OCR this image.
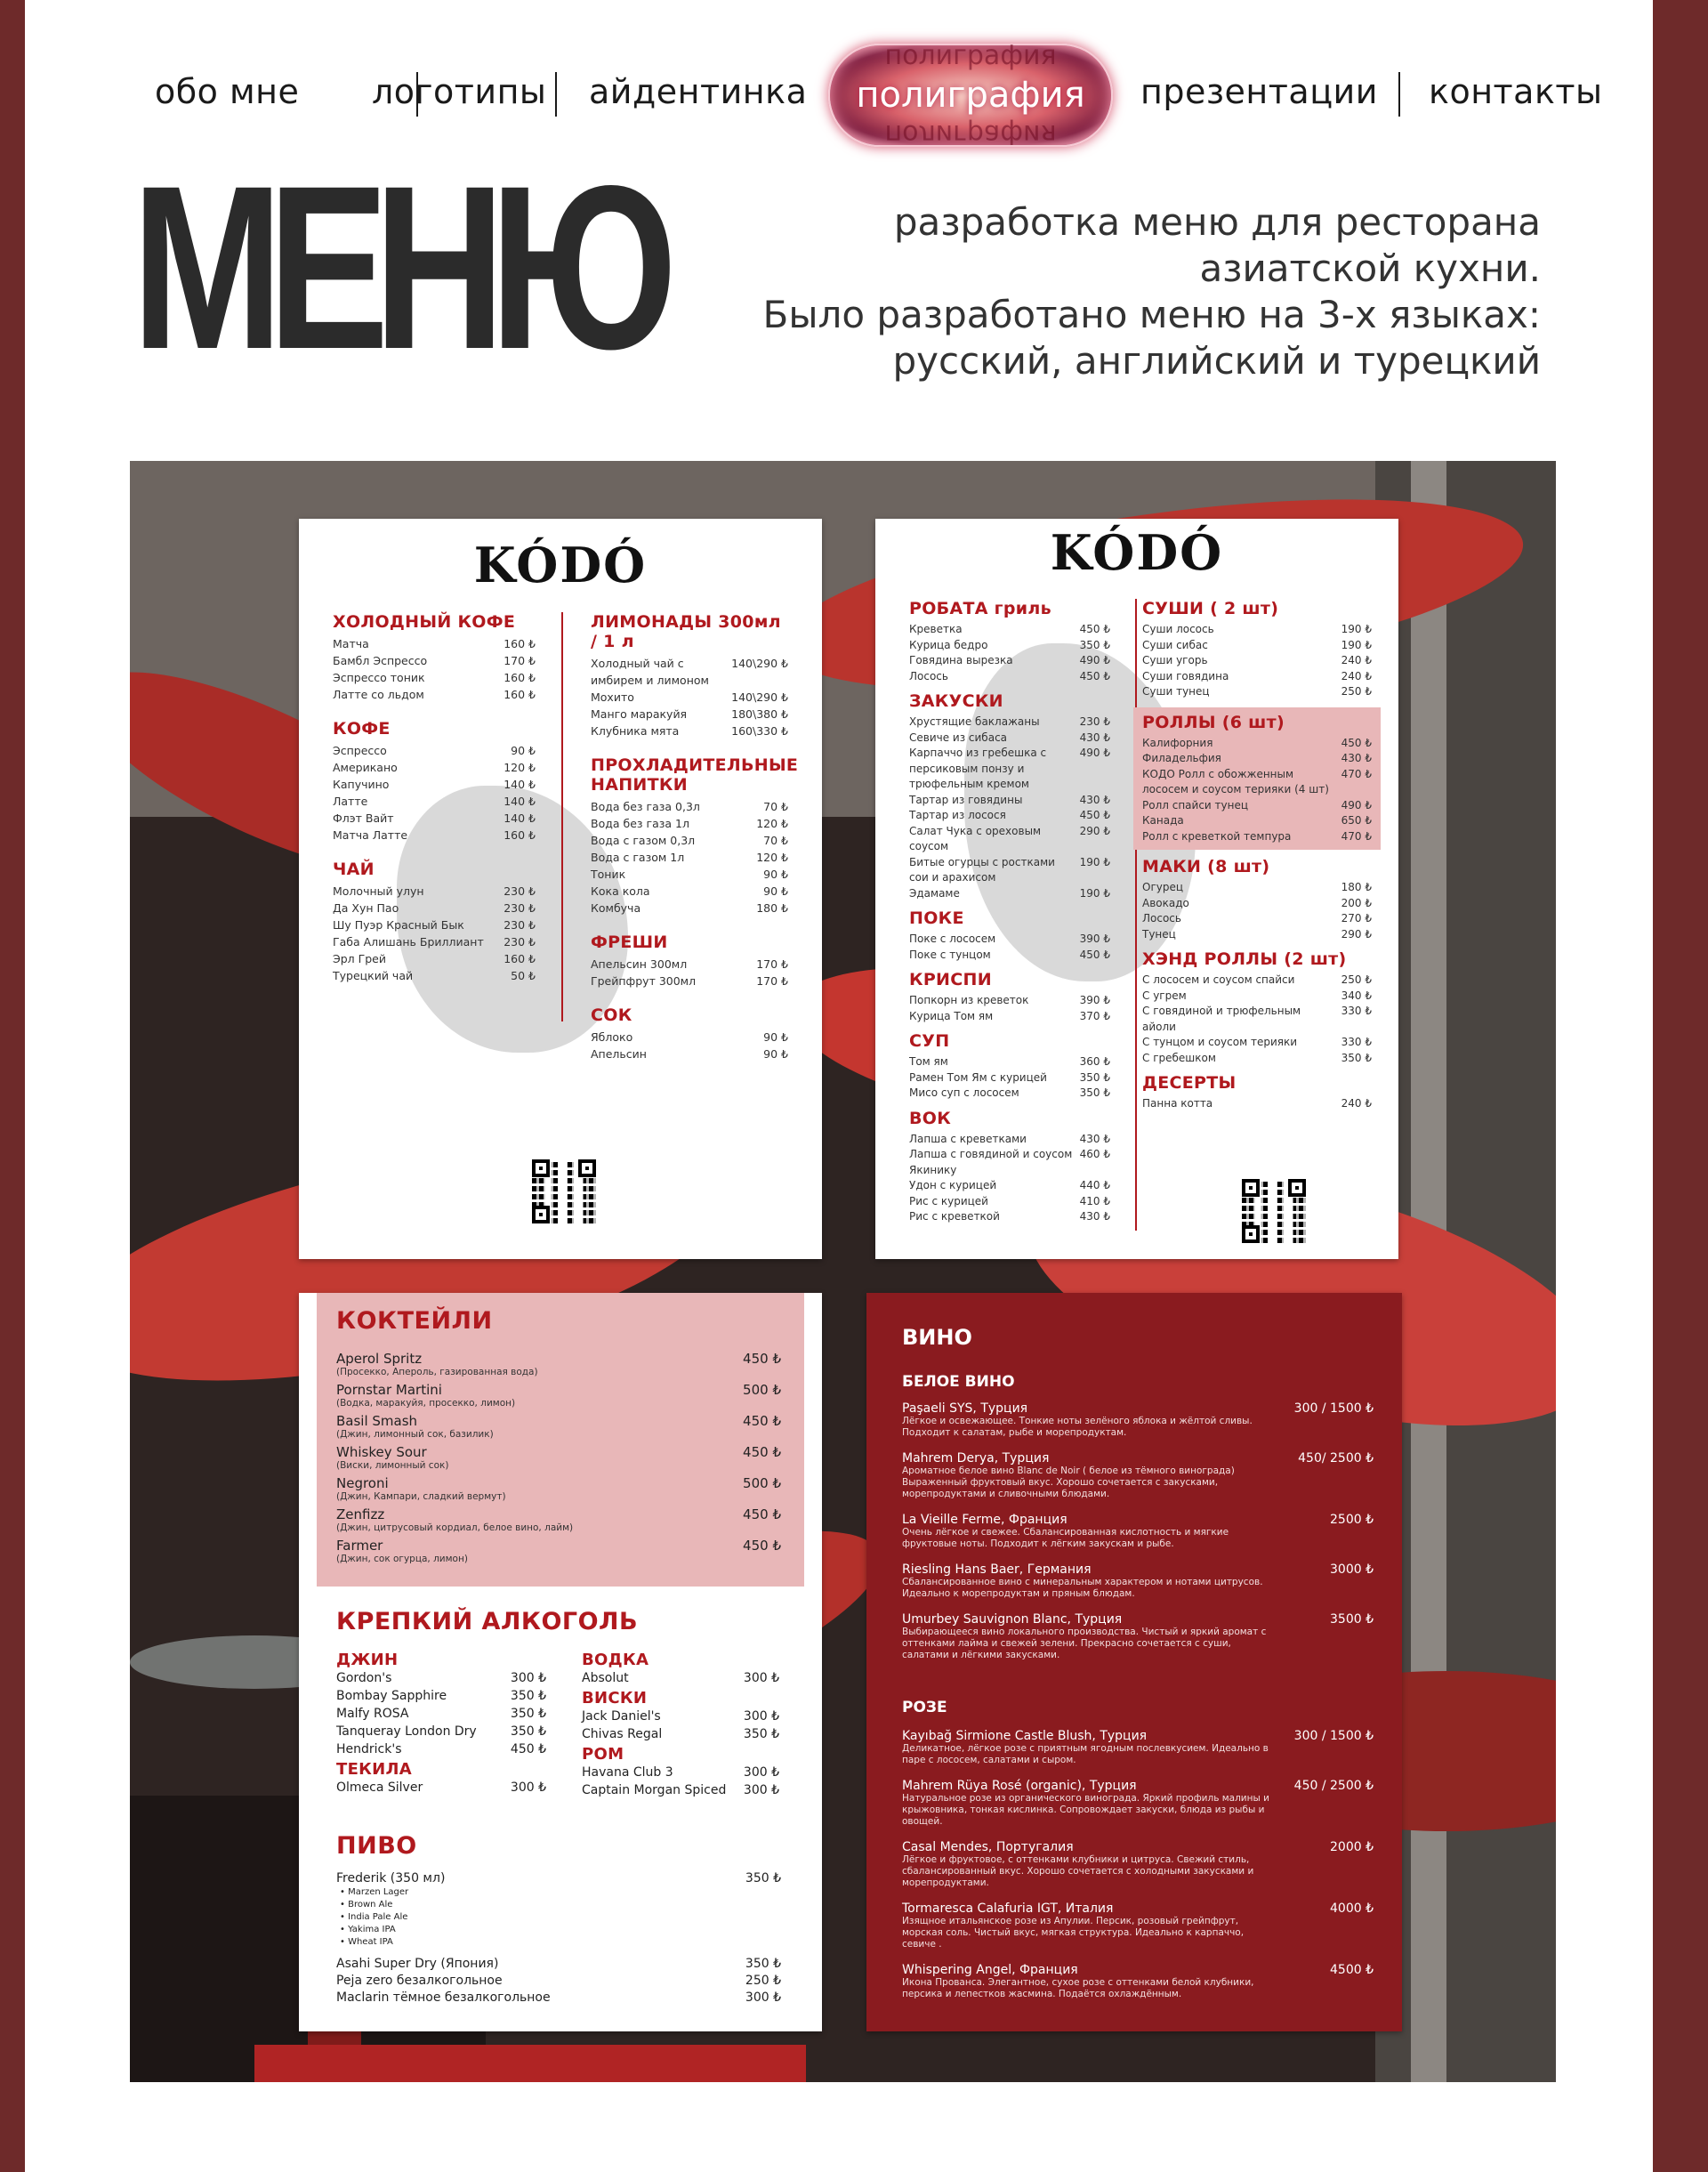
обо мне логотипы айдентинка
полиграфия
полиграфия
полиграфия
презентации контакты
МЕНЮ	разработка меню для ресторана
азиатской кухни.
Было разработано меню на 3-х языках:
русский, английский и турецкий
KÓDÓ
ХОЛОДНЫЙ КОФЕ
Матча	160 ₺
Бамбл Эспрессо	170 ₺
Эспрессо тоник	160 ₺
Латте со льдом	160 ₺
КОФЕ
Эспрессо	90 ₺
Американо	120 ₺
Капучино	140 ₺
Латте	140 ₺
Флэт Вайт	140 ₺
Матча Латте	160 ₺
ЧАЙ
Молочный улун	230 ₺
Да Хун Пао	230 ₺
Шу Пуэр Красный Бык	230 ₺
Габа Алишань Бриллиант 230 ₺
Эрл Грей	160 ₺
Турецкий чай	50 ₺
ЛИМОНАДЫ 300мл / 1 л
Холодный чай с имбирем и лимоном
140\290 ₺
Мохито	140\290 ₺
Манго маракуйя	180\380 ₺
Клубника мята	160\330 ₺
ПРОХЛАДИТЕЛЬНЫЕ НАПИТКИ
Вода без газа 0,3л	70 ₺
Вода без газа 1л	120 ₺
Вода с газом 0,3л	70 ₺
Вода с газом 1л	120 ₺
Тоник	90 ₺
Кока кола	90 ₺
Комбуча	180 ₺
ФРЕШИ
Апельсин 300мл	170 ₺
Грейпфрут 300мл	170 ₺
СОК
Яблоко	90 ₺
Апельсин	90 ₺
KÓDÓ
РОБАТА гриль
Креветка	450 ₺
Курица бедро	350 ₺
Говядина вырезка	490 ₺
Лосось	450 ₺
ЗАКУСКИ
Хрустящие баклажаны	230 ₺
Севиче из сибаса	430 ₺
Карпаччо из гребешка с персиковым понзу и трюфельным кремом
490 ₺
Тартар из говядины	430 ₺
Тартар из лосося	450 ₺
Салат Чука с ореховым соусом
290 ₺
Битые огурцы с ростками сои и арахисом
190 ₺
Эдамаме	190 ₺
ПОКЕ
Поке с лососем	390 ₺
Поке с тунцом	450 ₺
КРИСПИ
Попкорн из креветок	390 ₺
Курица Том ям	370 ₺
СУП
Том ям	360 ₺
Рамен Том Ям с курицей	350 ₺
Мисо суп с лососем	350 ₺
ВОК
Лапша с креветками	430 ₺
Лапша с говядиной и соусом Якинику
460 ₺
Удон с курицей	440 ₺
Рис с курицей	410 ₺
Рис с креветкой	430 ₺
СУШИ ( 2 шт)
Суши лосось	190 ₺
Суши сибас	190 ₺
Суши угорь	240 ₺
Суши говядина	240 ₺
Суши тунец	250 ₺
РОЛЛЫ (6 шт)
Калифорния	450 ₺
Филадельфия	430 ₺
КОДО Ролл с обожженным лососем и соусом терияки (4 шт)
470 ₺
Ролл спайси тунец	490 ₺
Канада	650 ₺
Ролл с креветкой темпура	470 ₺
МАКИ (8 шт)
Огурец	180 ₺
Авокадо	200 ₺
Лосось	270 ₺
Тунец	290 ₺
ХЭНД РОЛЛЫ (2 шт)
С лососем и соусом спайси	250 ₺
С угрем	340 ₺
С говядиной и трюфельным айоли
330 ₺
С тунцом и соусом терияки	330 ₺
С гребешком	350 ₺
ДЕСЕРТЫ
Панна котта	240 ₺
КОКТЕЙЛИ
Aperol Spritz	450 ₺
(Просекко, Апероль, газированная вода)
Pornstar Martini	500 ₺
(Водка, маракуйя, просекко, лимон)
Basil Smash	450 ₺
(Джин, лимонный сок, базилик)
Whiskey Sour	450 ₺
(Виски, лимонный сок)
Negroni	500 ₺
(Джин, Кампари, сладкий вермут)
Zenfizz	450 ₺
(Джин, цитрусовый кордиал, белое вино, лайм)
Farmer	450 ₺
(Джин, сок огурца, лимон)
КРЕПКИЙ АЛКОГОЛЬ
ДЖИН
Gordon's	300 ₺
Bombay Sapphire	350 ₺
Malfy ROSA	350 ₺
Tanqueray London Dry	350 ₺
Hendrick's	450 ₺
ТЕКИЛА
Olmeca Silver	300 ₺
ВОДКА
Absolut	300 ₺
ВИСКИ
Jack Daniel's	300 ₺
Chivas Regal	350 ₺
РОМ
Havana Club 3	300 ₺
Captain Morgan Spiced 300 ₺
ПИВО
Frederik (350 мл)	350 ₺
• Marzen Lager
• Brown Ale
• India Pale Ale
• Yakima IPA
• Wheat IPA
Asahi Super Dry (Япония)	350 ₺
Peja zero безалкогольное	250 ₺
Maclarin тёмное безалкогольное	300 ₺
ВИНО
БЕЛОЕ ВИНО
Paşaeli SYS, Турция
Лёгкое и освежающее. Тонкие ноты зелёного яблока и жёлтой сливы. Подходит к салатам, рыбе и морепродуктам.
300 / 1500 ₺
Mahrem Derya, Турция
Ароматное белое вино Blanc de Noir ( белое из тёмного винограда) Выраженный фруктовый вкус. Хорошо сочетается с закусками, морепродуктами и сливочными блюдами.
450/ 2500 ₺
La Vieille Ferme, Франция
Очень лёгкое и свежее. Сбалансированная кислотность и мягкие фруктовые ноты. Подходит к лёгким закускам и рыбе.
2500 ₺
Riesling Hans Baer, Германия
Сбалансированное вино с минеральным характером и нотами цитрусов. Идеально к морепродуктам и пряным блюдам.
3000 ₺
Umurbey Sauvignon Blanc, Турция
Выбирающееся вино локального производства. Чистый и яркий аромат с оттенками лайма и свежей зелени. Прекрасно сочетается с суши, салатами и лёгкими закусками.
3500 ₺
РОЗЕ
Kayıbağ Sirmione Castle Blush, Турция
Деликатное, лёгкое розе с приятным ягодным послевкусием. Идеально в паре с лососем, салатами и сыром.
300 / 1500 ₺
Mahrem Rüya Rosé (organic), Турция
Натуральное розе из органического винограда. Яркий профиль малины и крыжовника, тонкая кислинка. Сопровождает закуски, блюда из рыбы и овощей.
450 / 2500 ₺
Casal Mendes, Португалия
Лёгкое и фруктовое, с оттенками клубники и цитруса. Свежий стиль, сбалансированный вкус. Хорошо сочетается с холодными закусками и морепродуктами.
2000 ₺
Tormaresca Calafuria IGT, Италия
Изящное итальянское розе из Апулии. Персик, розовый грейпфрут, морская соль. Чистый вкус, мягкая структура. Идеально к карпаччо, севиче .
4000 ₺
Whispering Angel, Франция
Икона Прованса. Элегантное, сухое розе с оттенками белой клубники, персика и лепестков жасмина. Подаётся охлаждённым.
4500 ₺
